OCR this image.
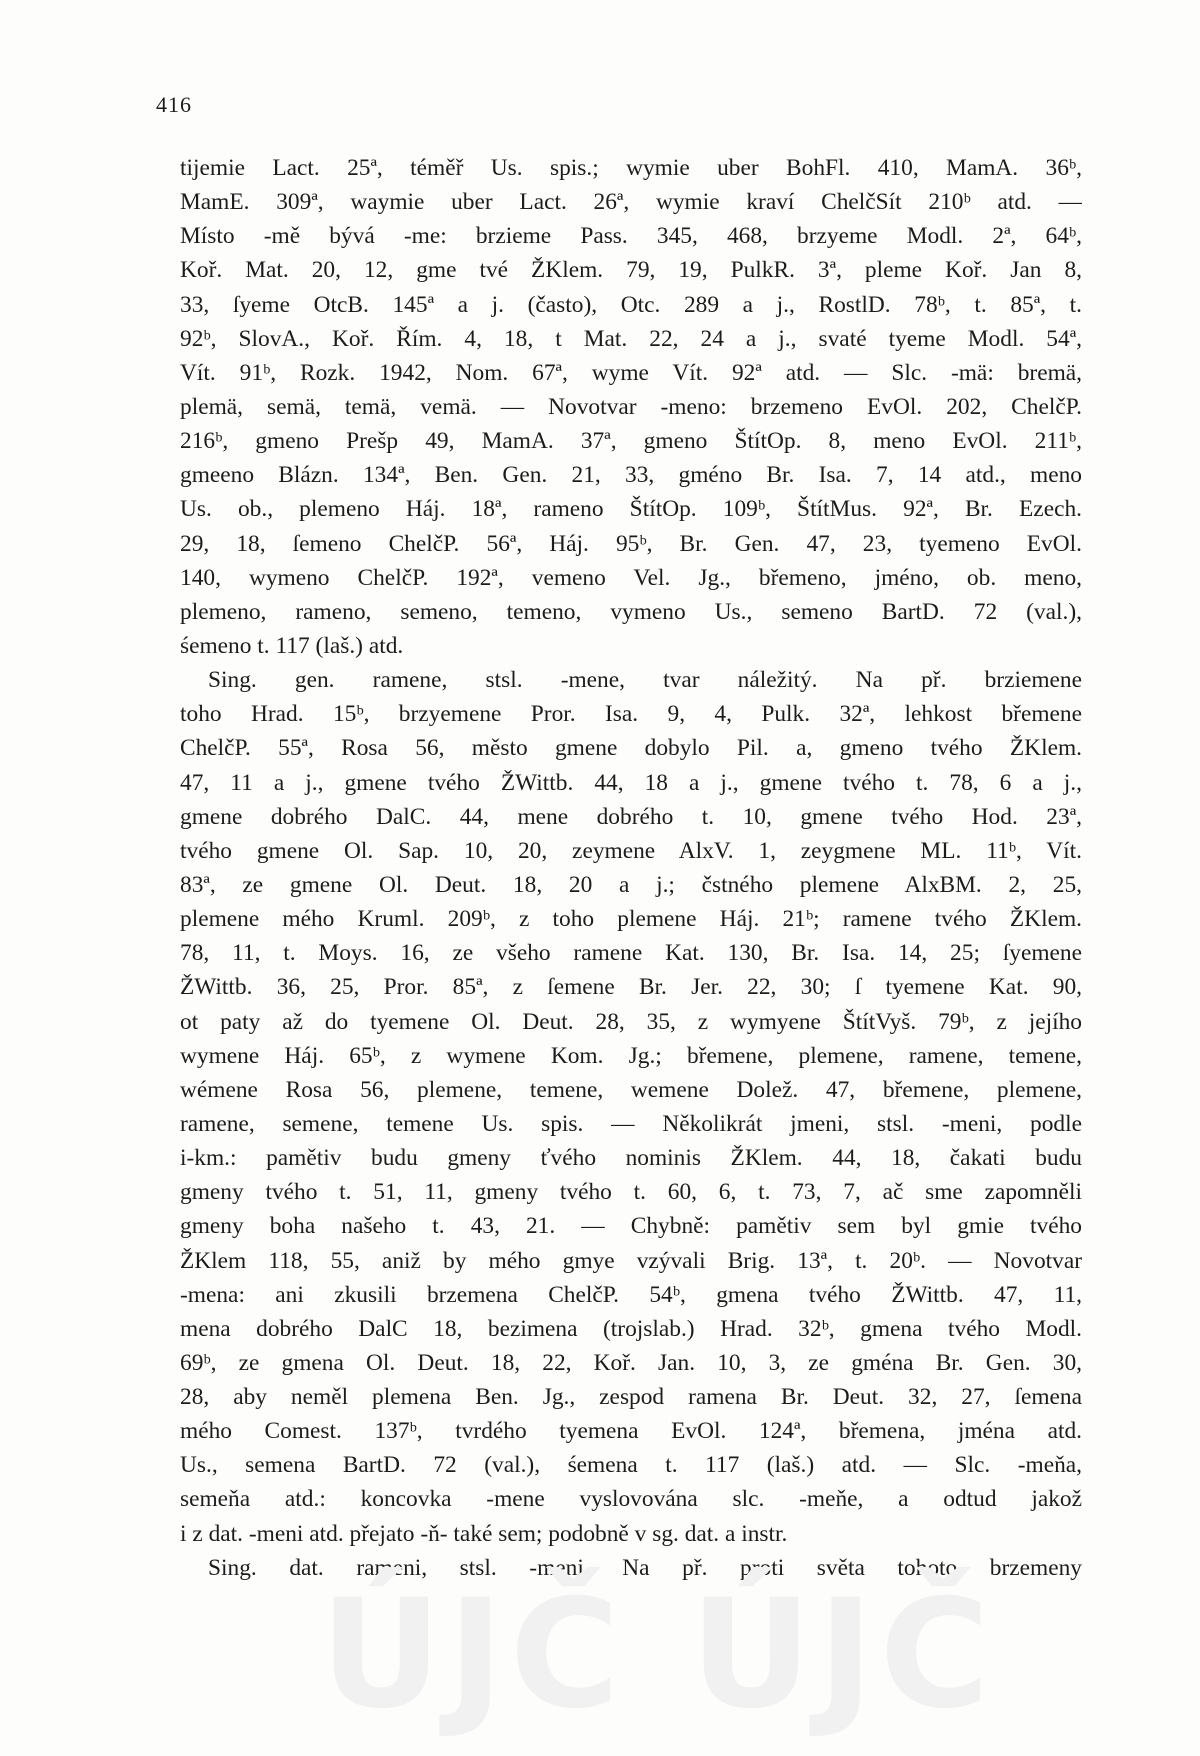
416
tijemie Lact. 25ª, téměř Us. spis.; wymie uber BohFl. 410, MamA. 36ᵇ,
MamE. 309ª, waymie uber Lact. 26ª, wymie kraví ChelčSít 210ᵇ atd. —
Místo -mě bývá -me: brzieme Pass. 345, 468, brzyeme Modl. 2ª, 64ᵇ,
Koř. Mat. 20, 12, gme tvé ŽKlem. 79, 19, PulkR. 3ª, pleme Koř. Jan 8,
33, ſyeme OtcB. 145ª a j. (často), Otc. 289 a j., RostlD. 78ᵇ, t. 85ª, t.
92ᵇ, SlovA., Koř. Řím. 4, 18, t Mat. 22, 24 a j., svaté tyeme Modl. 54ª,
Vít. 91ᵇ, Rozk. 1942, Nom. 67ª, wyme Vít. 92ª atd. — Slc. -mä: bremä,
plemä, semä, temä, vemä. — Novotvar -meno: brzemeno EvOl. 202, ChelčP.
216ᵇ, gmeno Prešp 49, MamA. 37ª, gmeno ŠtítOp. 8, meno EvOl. 211ᵇ,
gmeeno Blázn. 134ª, Ben. Gen. 21, 33, gméno Br. Isa. 7, 14 atd., meno
Us. ob., plemeno Háj. 18ª, rameno ŠtítOp. 109ᵇ, ŠtítMus. 92ª, Br. Ezech.
29, 18, ſemeno ChelčP. 56ª, Háj. 95ᵇ, Br. Gen. 47, 23, tyemeno EvOl.
140, wymeno ChelčP. 192ª, vemeno Vel. Jg., břemeno, jméno, ob. meno,
plemeno, rameno, semeno, temeno, vymeno Us., semeno BartD. 72 (val.),
śemeno t. 117 (laš.) atd.
Sing. gen. ramene, stsl. -mene, tvar náležitý. Na př. brziemene
toho Hrad. 15ᵇ, brzyemene Pror. Isa. 9, 4, Pulk. 32ª, lehkost břemene
ChelčP. 55ª, Rosa 56, město gmene dobylo Pil. a, gmeno tvého ŽKlem.
47, 11 a j., gmene tvého ŽWittb. 44, 18 a j., gmene tvého t. 78, 6 a j.,
gmene dobrého DalC. 44, mene dobrého t. 10, gmene tvého Hod. 23ª,
tvého gmene Ol. Sap. 10, 20, zeymene AlxV. 1, zeygmene ML. 11ᵇ, Vít.
83ª, ze gmene Ol. Deut. 18, 20 a j.; čstného plemene AlxBM. 2, 25,
plemene mého Kruml. 209ᵇ, z toho plemene Háj. 21ᵇ; ramene tvého ŽKlem.
78, 11, t. Moys. 16, ze všeho ramene Kat. 130, Br. Isa. 14, 25; ſyemene
ŽWittb. 36, 25, Pror. 85ª, z ſemene Br. Jer. 22, 30; ſ tyemene Kat. 90,
ot paty až do tyemene Ol. Deut. 28, 35, z wymyene ŠtítVyš. 79ᵇ, z jejího
wymene Háj. 65ᵇ, z wymene Kom. Jg.; břemene, plemene, ramene, temene,
wémene Rosa 56, plemene, temene, wemene Dolež. 47, břemene, plemene,
ramene, semene, temene Us. spis. — Několikrát jmeni, stsl. -meni, podle
i-km.: pamětiv budu gmeny ťvého nominis ŽKlem. 44, 18, čakati budu
gmeny tvého t. 51, 11, gmeny tvého t. 60, 6, t. 73, 7, ač sme zapomněli
gmeny boha našeho t. 43, 21. — Chybně: pamětiv sem byl gmie tvého
ŽKlem 118, 55, aniž by mého gmye vzývali Brig. 13ª, t. 20ᵇ. — Novotvar
-mena: ani zkusili brzemena ChelčP. 54ᵇ, gmena tvého ŽWittb. 47, 11,
mena dobrého DalC 18, bezimena (trojslab.) Hrad. 32ᵇ, gmena tvého Modl.
69ᵇ, ze gmena Ol. Deut. 18, 22, Koř. Jan. 10, 3, ze gména Br. Gen. 30,
28, aby neměl plemena Ben. Jg., zespod ramena Br. Deut. 32, 27, ſemena
mého Comest. 137ᵇ, tvrdého tyemena EvOl. 124ª, břemena, jména atd.
Us., semena BartD. 72 (val.), śemena t. 117 (laš.) atd. — Slc. -meňa,
semeňa atd.: koncovka -mene vyslovována slc. -meňe, a odtud jakož
i z dat. -meni atd. přejato -ň- také sem; podobně v sg. dat. a instr.
Sing. dat. rameni, stsl. -meni. Na př. proti světa tohoto brzemeny
ÚJČ ÚJČ
